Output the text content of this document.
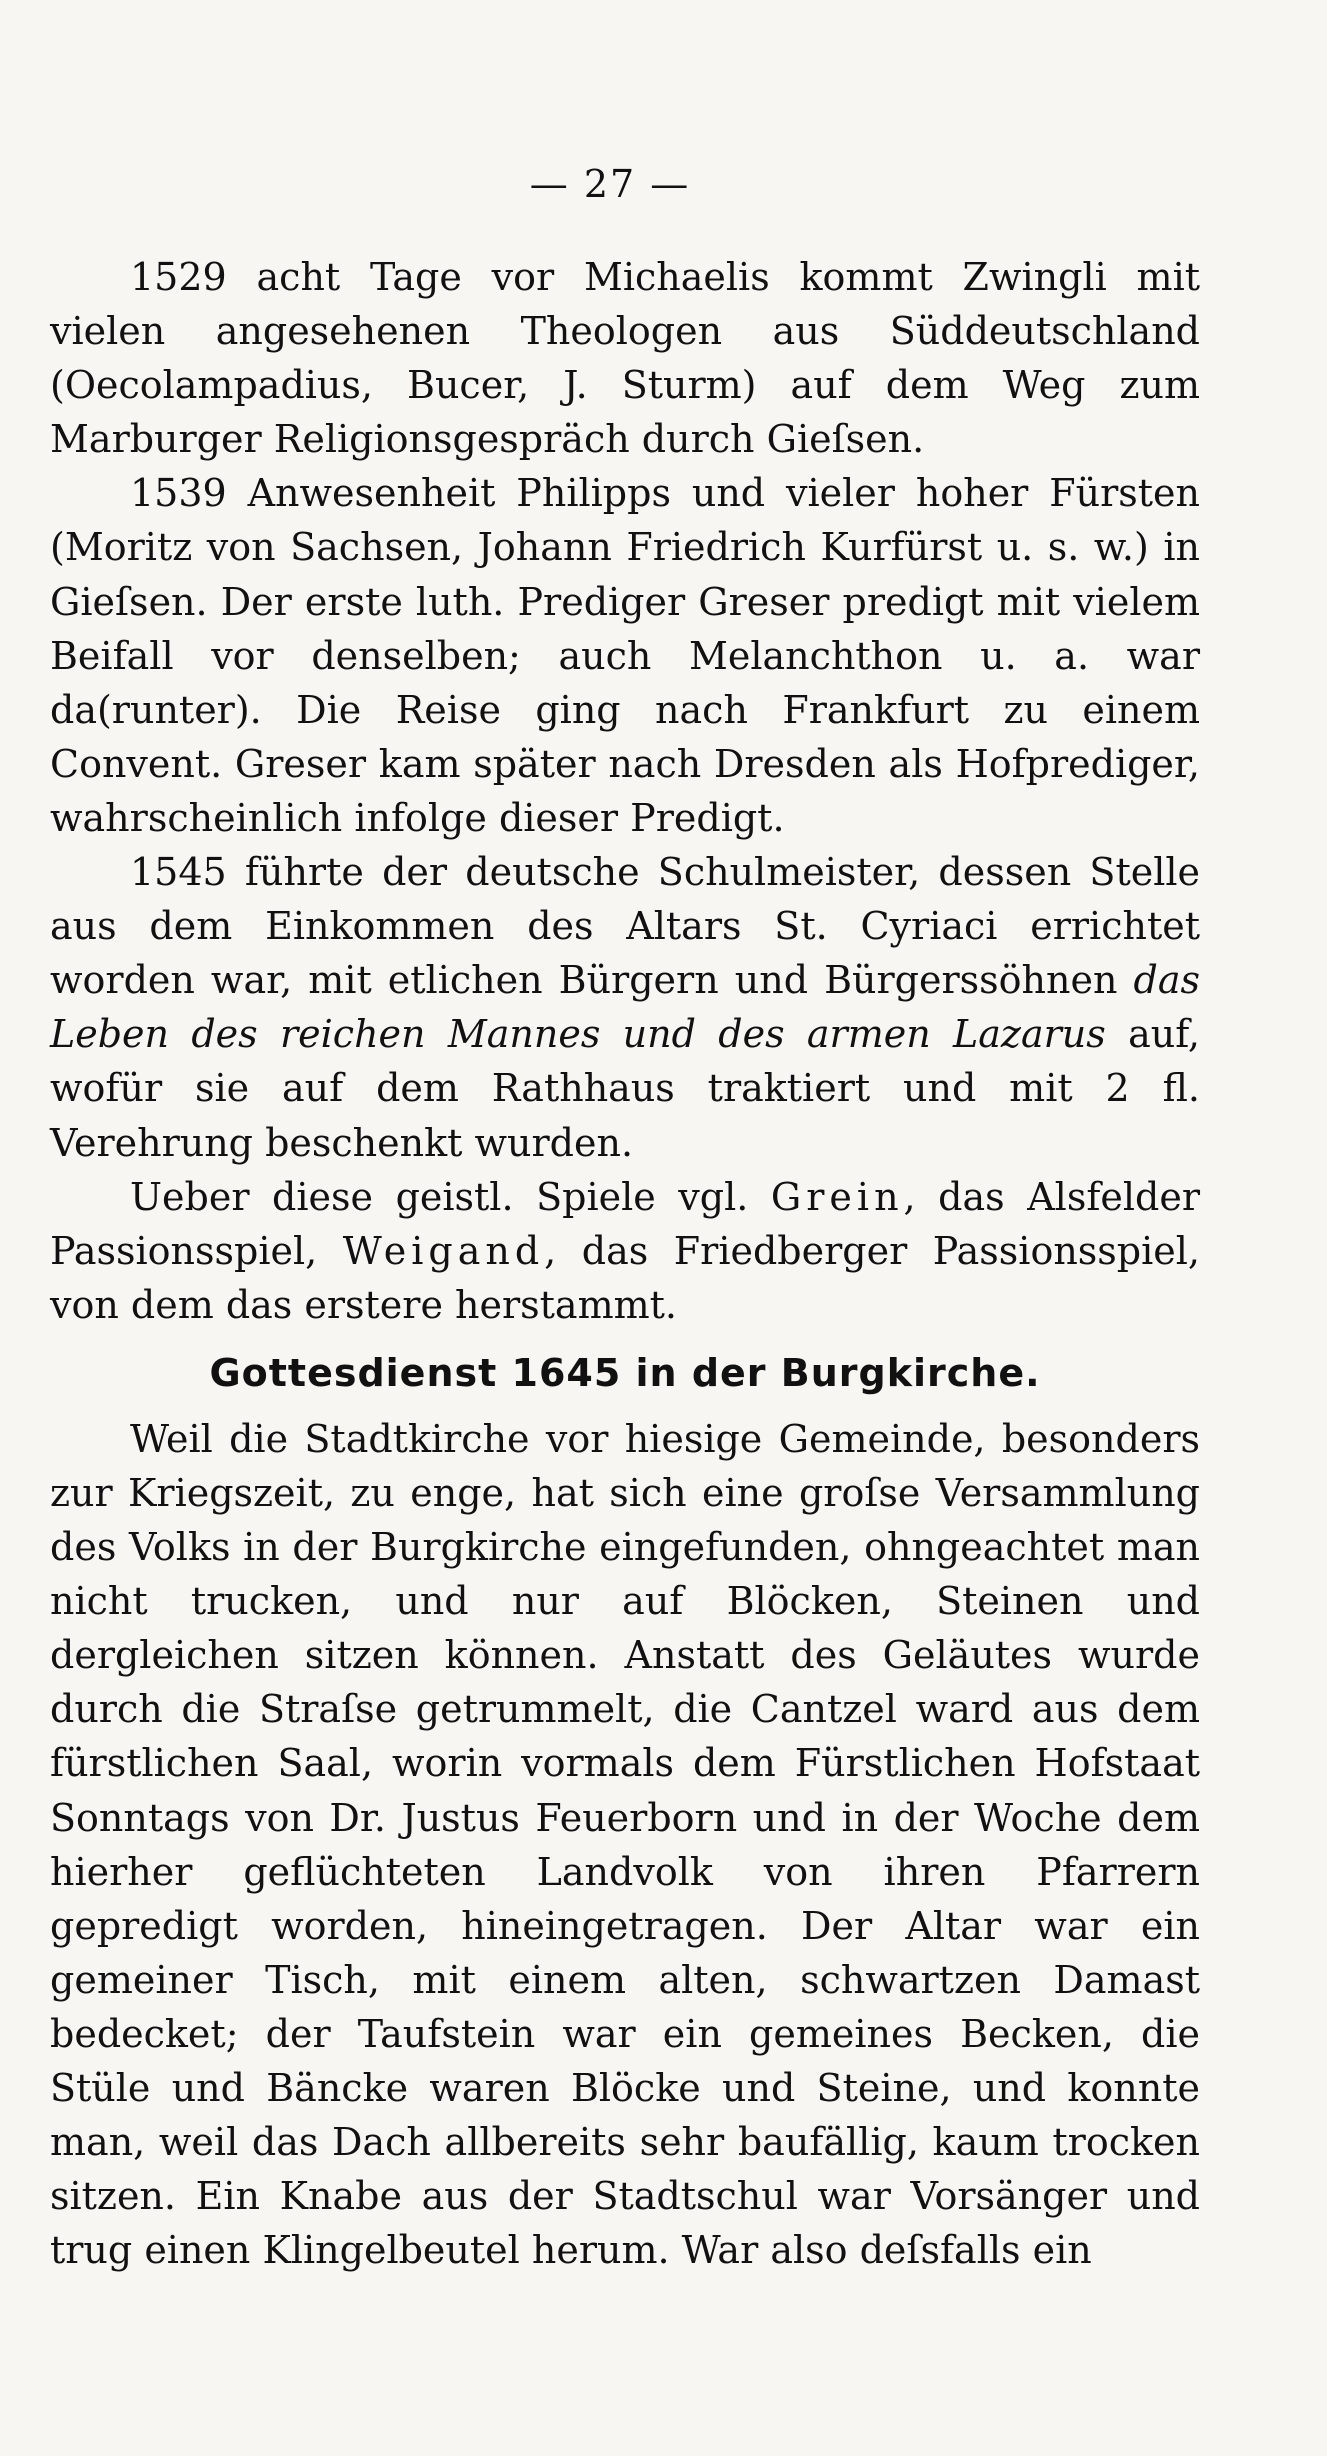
— 27 —

1529 acht Tage vor Michaelis kommt Zwingli mit vielen angesehenen Theologen aus Süddeutschland (Oecolampadius, Bucer, J. Sturm) auf dem Weg zum Marburger Religionsgespräch durch Gieſsen.

1539 Anwesenheit Philipps und vieler hoher Fürsten (Moritz von Sachsen, Johann Friedrich Kurfürst u. s. w.) in Gieſsen. Der erste luth. Prediger Greser predigt mit vielem Beifall vor denselben; auch Melanchthon u. a. war da(runter). Die Reise ging nach Frankfurt zu einem Convent. Greser kam später nach Dresden als Hofprediger, wahrscheinlich infolge dieser Predigt.

1545 führte der deutsche Schulmeister, dessen Stelle aus dem Einkommen des Altars St. Cyriaci errichtet worden war, mit etlichen Bürgern und Bürgerssöhnen das Leben des reichen Mannes und des armen Lazarus auf, wofür sie auf dem Rathhaus traktiert und mit 2 fl. Verehrung beschenkt wurden.

Ueber diese geistl. Spiele vgl. Grein, das Alsfelder Passionsspiel, Weigand, das Friedberger Passionsspiel, von dem das erstere herstammt.

Gottesdienst 1645 in der Burgkirche.

Weil die Stadtkirche vor hiesige Gemeinde, besonders zur Kriegszeit, zu enge, hat sich eine groſse Versammlung des Volks in der Burgkirche eingefunden, ohngeachtet man nicht trucken, und nur auf Blöcken, Steinen und dergleichen sitzen können. Anstatt des Geläutes wurde durch die Straſse getrummelt, die Cantzel ward aus dem fürstlichen Saal, worin vormals dem Fürstlichen Hofstaat Sonntags von Dr. Justus Feuerborn und in der Woche dem hierher geflüchteten Landvolk von ihren Pfarrern gepredigt worden, hineingetragen. Der Altar war ein gemeiner Tisch, mit einem alten, schwartzen Damast bedecket; der Taufstein war ein gemeines Becken, die Stüle und Bäncke waren Blöcke und Steine, und konnte man, weil das Dach allbereits sehr baufällig, kaum trocken sitzen. Ein Knabe aus der Stadtschul war Vorsänger und trug einen Klingelbeutel herum. War also deſsfalls ein
